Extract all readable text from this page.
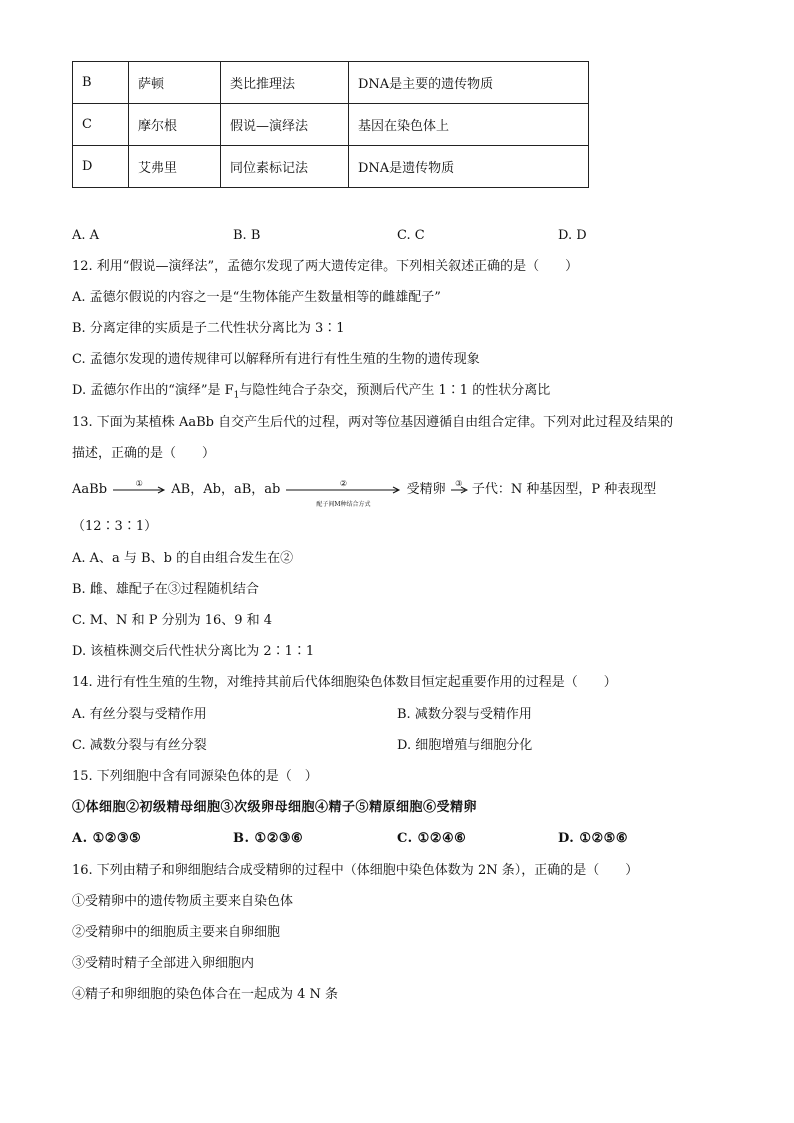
B	萨顿	类比推理法	DNA是主要的遗传物质
C	摩尔根	假说—演绎法	基因在染色体上
D	艾弗里	同位素标记法	DNA是遗传物质
A. A	B. B	C. C	D. D
12. 利用“假说—演绎法”，孟德尔发现了两大遗传定律。下列相关叙述正确的是（　　）
A. 孟德尔假说的内容之一是“生物体能产生数量相等的雌雄配子”
B. 分离定律的实质是子二代性状分离比为 3∶1
C. 孟德尔发现的遗传规律可以解释所有进行有性生殖的生物的遗传现象
D. 孟德尔作出的“演绎”是 $F_1$与隐性纯合子杂交，预测后代产生 1∶1 的性状分离比
13. 下面为某植株 AaBb 自交产生后代的过程，两对等位基因遵循自由组合定律。下列对此过程及结果的
描述，正确的是（　　）
AaBb	①	AB，Ab，aB，ab	②
配子间M种结合方式
受精卵	③ 子代：N 种基因型，P 种表现型
（12∶3∶1）
A. A、a 与 B、b 的自由组合发生在②
B. 雌、雄配子在③过程随机结合
C. M、N 和 P 分别为 16、9 和 4
D. 该植株测交后代性状分离比为 2∶1∶1
14. 进行有性生殖的生物，对维持其前后代体细胞染色体数目恒定起重要作用的过程是（　　）
A. 有丝分裂与受精作用	B. 减数分裂与受精作用
C. 减数分裂与有丝分裂	D. 细胞增殖与细胞分化
15. 下列细胞中含有同源染色体的是（　）
①体细胞②初级精母细胞③次级卵母细胞④精子⑤精原细胞⑥受精卵
A. ①②③⑤	B. ①②③⑥	C. ①②④⑥	D. ①②⑤⑥
16. 下列由精子和卵细胞结合成受精卵的过程中（体细胞中染色体数为 2N 条），正确的是（　　）
①受精卵中的遗传物质主要来自染色体
②受精卵中的细胞质主要来自卵细胞
③受精时精子全部进入卵细胞内
④精子和卵细胞的染色体合在一起成为 4 N 条
